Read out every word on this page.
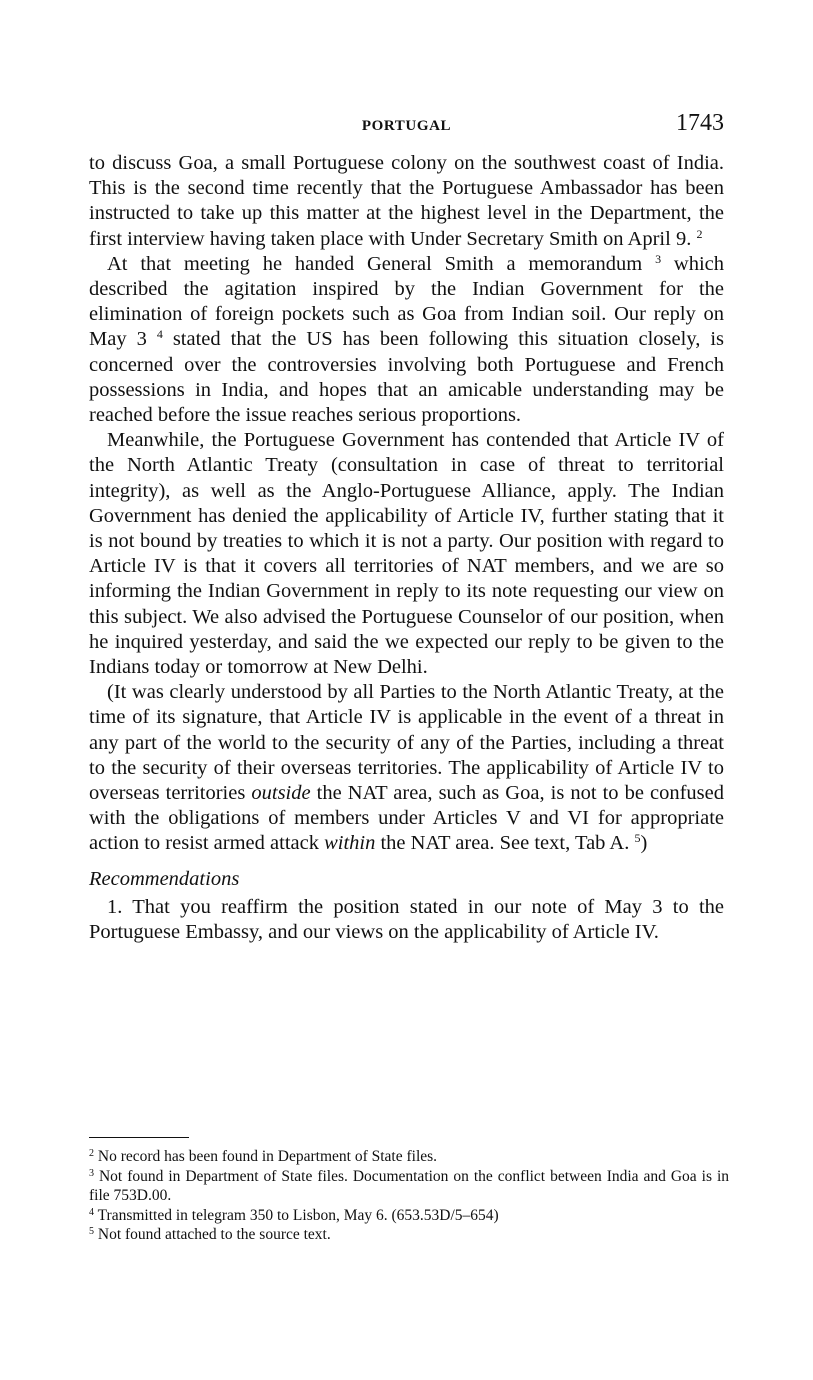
PORTUGAL	1743

to discuss Goa, a small Portuguese colony on the southwest coast of India. This is the second time recently that the Portuguese Ambassador has been instructed to take up this matter at the highest level in the Department, the first interview having taken place with Under Secretary Smith on April 9. $^2$

At that meeting he handed General Smith a memorandum $^3$ which described the agitation inspired by the Indian Government for the elimination of foreign pockets such as Goa from Indian soil. Our reply on May 3 $^4$ stated that the US has been following this situation closely, is concerned over the controversies involving both Portuguese and French possessions in India, and hopes that an amicable understanding may be reached before the issue reaches serious proportions.

Meanwhile, the Portuguese Government has contended that Article IV of the North Atlantic Treaty (consultation in case of threat to territorial integrity), as well as the Anglo-Portuguese Alliance, apply. The Indian Government has denied the applicability of Article IV, further stating that it is not bound by treaties to which it is not a party. Our position with regard to Article IV is that it covers all territories of NAT members, and we are so informing the Indian Government in reply to its note requesting our view on this subject. We also advised the Portuguese Counselor of our position, when he inquired yesterday, and said the we expected our reply to be given to the Indians today or tomorrow at New Delhi.

(It was clearly understood by all Parties to the North Atlantic Treaty, at the time of its signature, that Article IV is applicable in the event of a threat in any part of the world to the security of any of the Parties, including a threat to the security of their overseas territories. The applicability of Article IV to overseas territories outside the NAT area, such as Goa, is not to be confused with the obligations of members under Articles V and VI for appropriate action to resist armed attack within the NAT area. See text, Tab A. $^5$)

Recommendations

1. That you reaffirm the position stated in our note of May 3 to the Portuguese Embassy, and our views on the applicability of Article IV.

$^2$ No record has been found in Department of State files.
$^3$ Not found in Department of State files. Documentation on the conflict between India and Goa is in file 753D.00.
$^4$ Transmitted in telegram 350 to Lisbon, May 6. (653.53D/5–654)
$^5$ Not found attached to the source text.
